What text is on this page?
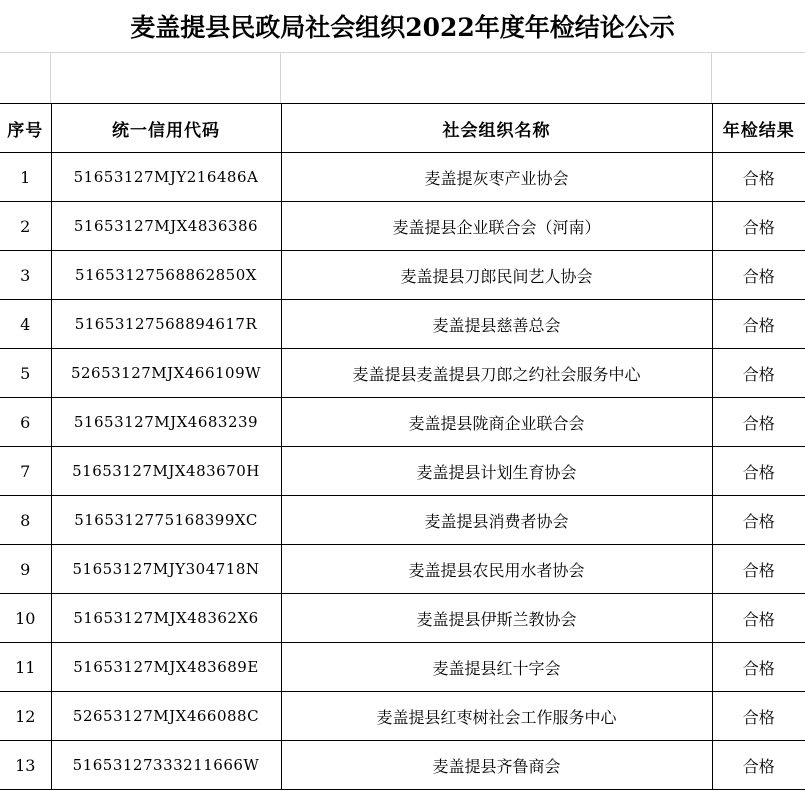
麦盖提县民政局社会组织2022年度年检结论公示
序号	统一信用代码	社会组织名称	年检结果
1	51653127MJY216486A	麦盖提灰枣产业协会	合格
2	51653127MJX4836386	麦盖提县企业联合会（河南）	合格
3	51653127568862850X	麦盖提县刀郎民间艺人协会	合格
4	51653127568894617R	麦盖提县慈善总会	合格
5	52653127MJX466109W	麦盖提县麦盖提县刀郎之约社会服务中心	合格
6	51653127MJX4683239	麦盖提县陇商企业联合会	合格
7	51653127MJX483670H	麦盖提县计划生育协会	合格
8	5165312775168399XC	麦盖提县消费者协会	合格
9	51653127MJY304718N	麦盖提县农民用水者协会	合格
10	51653127MJX48362X6	麦盖提县伊斯兰教协会	合格
11	51653127MJX483689E	麦盖提县红十字会	合格
12	52653127MJX466088C	麦盖提县红枣树社会工作服务中心	合格
13	51653127333211666W	麦盖提县齐鲁商会	合格
